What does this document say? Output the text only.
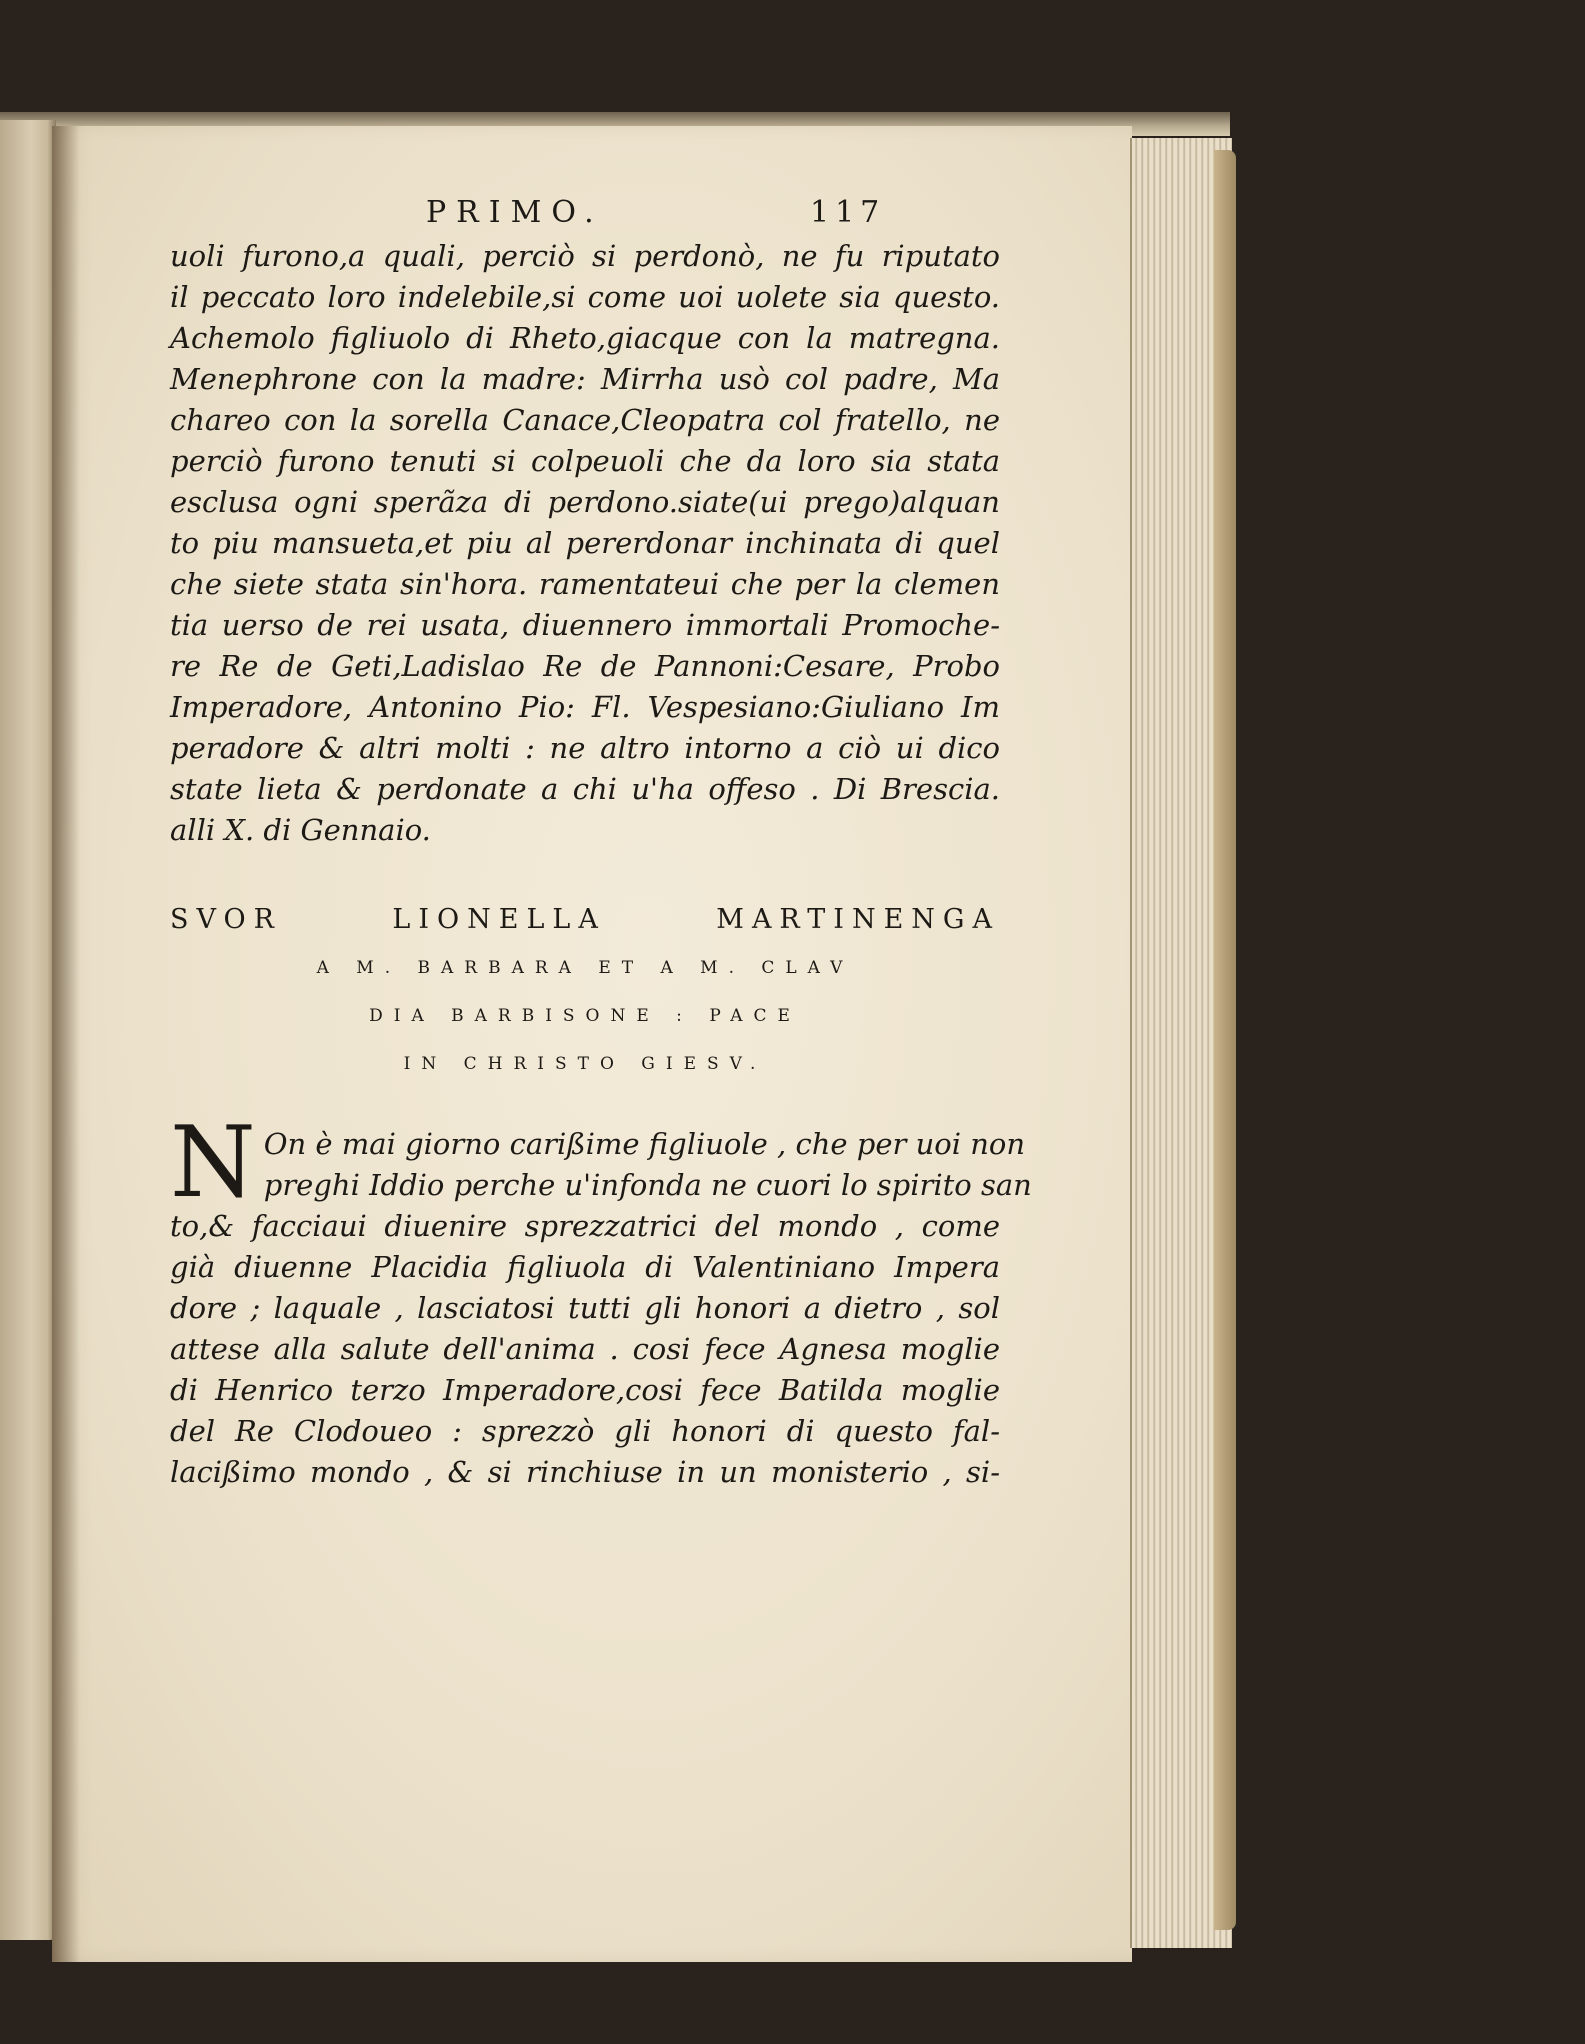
PRIMO.	117
uoli furono,a quali, perciò si perdonò, ne fu riputato
il peccato loro indelebile,si come uoi uolete sia questo.
Achemolo figliuolo di Rheto,giacque con la matregna.
Menephrone con la madre: Mirrha usò col padre, Ma
chareo con la sorella Canace,Cleopatra col fratello, ne
perciò furono tenuti si colpeuoli che da loro sia stata
esclusa ogni sperãza di perdono.siate(ui prego)alquan
to piu mansueta,et piu al pererdonar inchinata di quel
che siete stata sin'hora. ramentateui che per la clemen
tia uerso de rei usata, diuennero immortali Promoche-
re Re de Geti,Ladislao Re de Pannoni:Cesare, Probo
Imperadore, Antonino Pio: Fl. Vespesiano:Giuliano Im
peradore & altri molti : ne altro intorno a ciò ui dico
state lieta & perdonate a chi u'ha offeso . Di Brescia.
alli X. di Gennaio.
SVOR LIONELLA MARTINENGA
A M. BARBARA ET A M. CLAV
DIA BARBISONE : PACE
IN CHRISTO GIESV.
N On è mai giorno carißime figliuole , che per uoi non
preghi Iddio perche u'infonda ne cuori lo spirito san
to,& facciaui diuenire sprezzatrici del mondo , come
già diuenne Placidia figliuola di Valentiniano Impera
dore ; laquale , lasciatosi tutti gli honori a dietro , sol
attese alla salute dell'anima . cosi fece Agnesa moglie
di Henrico terzo Imperadore,cosi fece Batilda moglie
del Re Clodoueo : sprezzò gli honori di questo fal-
lacißimo mondo , & si rinchiuse in un monisterio , si-
